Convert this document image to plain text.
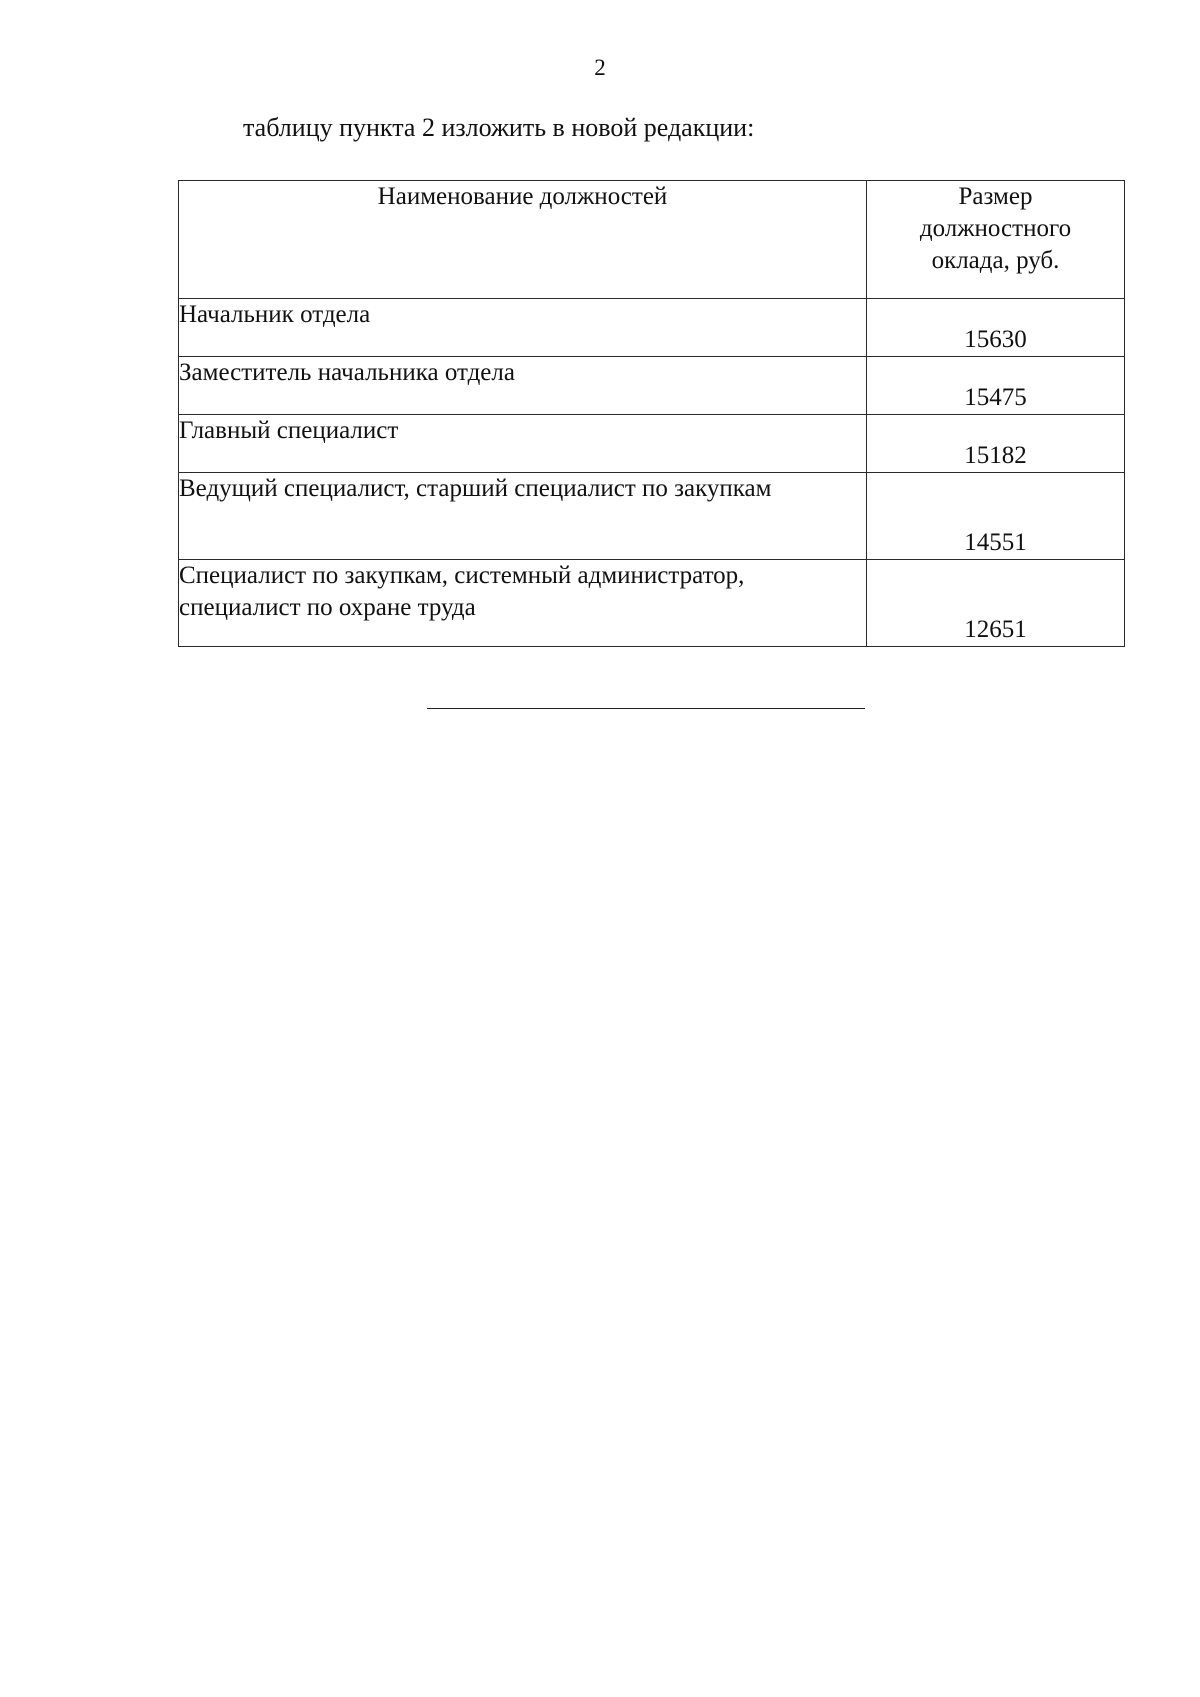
2
таблицу пункта 2 изложить в новой редакции:
Наименование должностей	Размер должностного оклада, руб.

Начальник отдела	15630
Заместитель начальника отдела	15475
Главный специалист	15182
Ведущий специалист, старший специалист по закупкам	14551
Специалист по закупкам, системный администратор, специалист по охране труда	12651
